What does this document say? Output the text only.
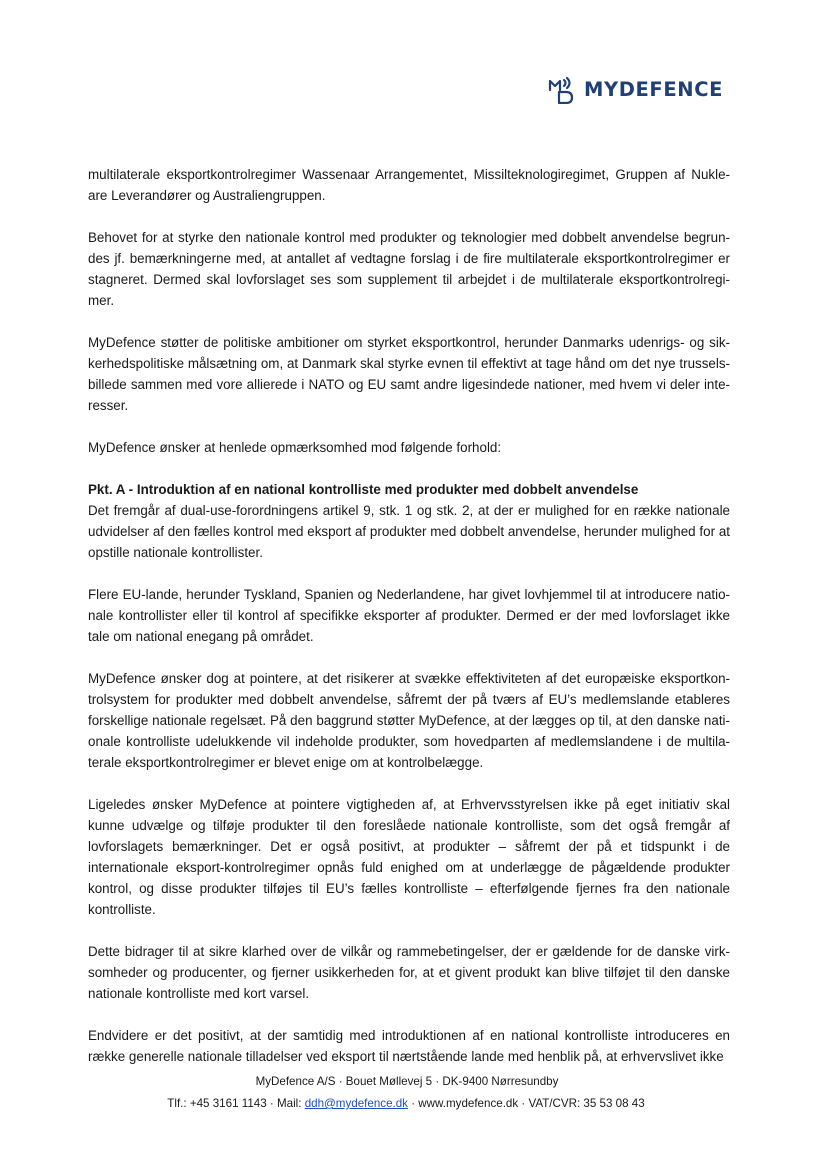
MYDEFENCE

multilaterale eksportkontrolregimer Wassenaar Arrangementet, Missilteknologiregimet, Gruppen af Nukle-are Leverandører og Australiengruppen.

Behovet for at styrke den nationale kontrol med produkter og teknologier med dobbelt anvendelse begrun-des jf. bemærkningerne med, at antallet af vedtagne forslag i de fire multilaterale eksportkontrolregimer er stagneret. Dermed skal lovforslaget ses som supplement til arbejdet i de multilaterale eksportkontrolregi-mer.

MyDefence støtter de politiske ambitioner om styrket eksportkontrol, herunder Danmarks udenrigs- og sik-kerhedspolitiske målsætning om, at Danmark skal styrke evnen til effektivt at tage hånd om det nye trussels-billede sammen med vore allierede i NATO og EU samt andre ligesindede nationer, med hvem vi deler inte-resser.

MyDefence ønsker at henlede opmærksomhed mod følgende forhold:

Pkt. A - Introduktion af en national kontrolliste med produkter med dobbelt anvendelse
Det fremgår af dual-use-forordningens artikel 9, stk. 1 og stk. 2, at der er mulighed for en række nationale udvidelser af den fælles kontrol med eksport af produkter med dobbelt anvendelse, herunder mulighed for at opstille nationale kontrollister.

Flere EU-lande, herunder Tyskland, Spanien og Nederlandene, har givet lovhjemmel til at introducere natio-nale kontrollister eller til kontrol af specifikke eksporter af produkter. Dermed er der med lovforslaget ikke tale om national enegang på området.

MyDefence ønsker dog at pointere, at det risikerer at svække effektiviteten af det europæiske eksportkon-trolsystem for produkter med dobbelt anvendelse, såfremt der på tværs af EU’s medlemslande etableres forskellige nationale regelsæt. På den baggrund støtter MyDefence, at der lægges op til, at den danske nati-onale kontrolliste udelukkende vil indeholde produkter, som hovedparten af medlemslandene i de multila-terale eksportkontrolregimer er blevet enige om at kontrolbelægge.

Ligeledes ønsker MyDefence at pointere vigtigheden af, at Erhvervsstyrelsen ikke på eget initiativ skal kunne udvælge og tilføje produkter til den foreslåede nationale kontrolliste, som det også fremgår af lovforslagets bemærkninger. Det er også positivt, at produkter – såfremt der på et tidspunkt i de internationale eksport-kontrolregimer opnås fuld enighed om at underlægge de pågældende produkter kontrol, og disse produkter tilføjes til EU’s fælles kontrolliste – efterfølgende fjernes fra den nationale kontrolliste.

Dette bidrager til at sikre klarhed over de vilkår og rammebetingelser, der er gældende for de danske virk-somheder og producenter, og fjerner usikkerheden for, at et givent produkt kan blive tilføjet til den danske nationale kontrolliste med kort varsel.

Endvidere er det positivt, at der samtidig med introduktionen af en national kontrolliste introduceres en række generelle nationale tilladelser ved eksport til nærtstående lande med henblik på, at erhvervslivet ikke

MyDefence A/S · Bouet Møllevej 5 · DK-9400 Nørresundby
Tlf.: +45 3161 1143 · Mail: ddh@mydefence.dk · www.mydefence.dk · VAT/CVR: 35 53 08 43
